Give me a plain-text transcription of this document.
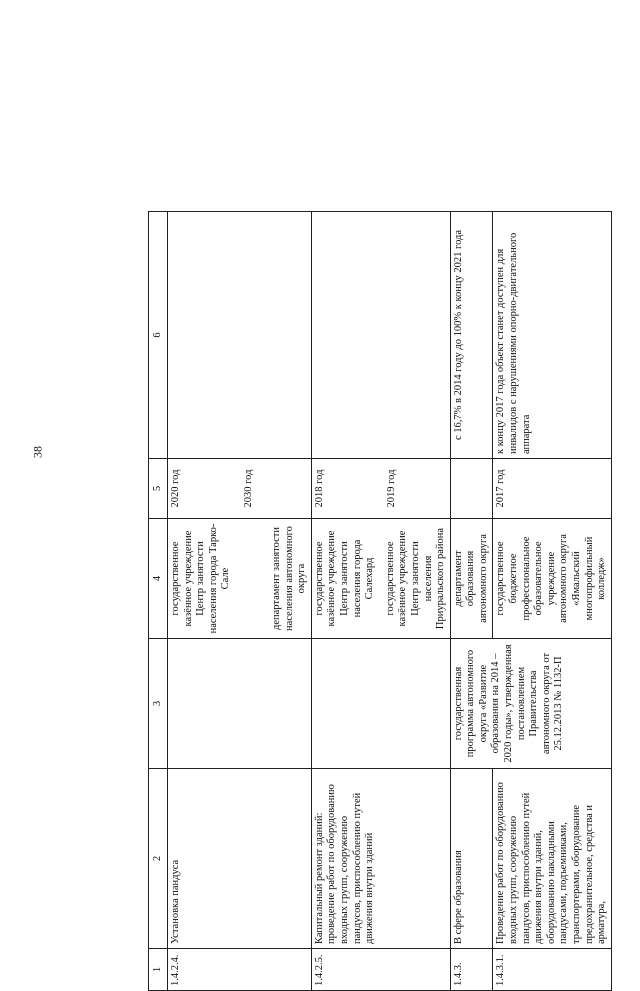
38
1	2	3	4	5	6
1.4.2.4.	Установка пандуса		государственное казённое учреждение Центр занятости населения города Тарко-Сале департамент занятости населения автономного округа	2020 год 2030 год	

1.4.2.5.	Капитальный ремонт зданий: проведение работ по оборудованию входных групп, сооружению пандусов, приспособлению путей движения внутри зданий		государственное казённое учреждение Центр занятости населения города Салехард государственное казённое учреждение Центр занятости населения Приуральского района	2018 год 2019 год	

1.4.3.	В сфере образования	государственная программа автономного округа «Развитие образования на 2014 – 2020 годы», утвержденная постановлением Правительства автономного округа от 25.12.2013 № 1132-П	департамент образования автономного округа		с 16,7% в 2014 году до 100% к концу 2021 года
1.4.3.1.	Проведение работ по оборудованию входных групп, сооружению пандусов, приспособлению путей движения внутри зданий, оборудованию накладными пандусами, подъемниками, транспортерами, оборудование предохранительное, средства и арматура,		государственное бюджетное профессиональное образовательное учреждение автономного округа «Ямальский многопрофильный колледж»	2017 год	к концу 2017 года объект станет доступен для инвалидов с нарушениями опорно-двигательного аппарата
